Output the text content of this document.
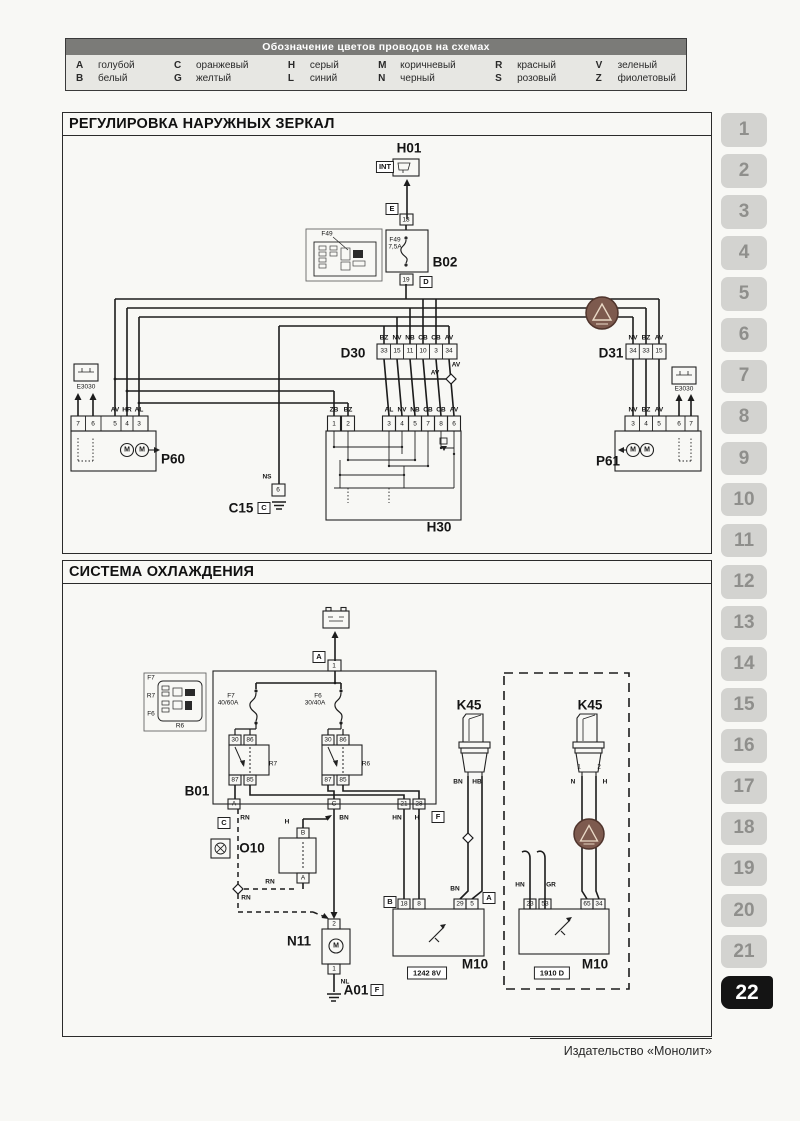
Обозначение цветов проводов на схемах
A	голубой
B	белый
C	оранжевый
G	желтый
H	серый
L	синий
M	коричневый
N	черный
R	красный
S	розовый
V	зеленый
Z	фиолетовый
1
2
3
4
5
6
7
8
9
10
11
12
13
14
15
16
17
18
19
20
21
22
РЕГУЛИРОВКА НАРУЖНЫХ ЗЕРКАЛ
H01
INT
E
18
F49
7,5A
B02
F49
19	D
D30
BZ NV NB CB CB AV
33 15 11 10 3 34	D31
NV BZ AV
34 33 15
AV
AV
E3030	E3030
AV HR AL
7 6	5 4 3
P60
M M
ZB BZ	AL NV NB CB CB AV
1 2	3 4 5 7 8 6
H30
NV BZ AV
3 4 5	6 7
P61
M M
NS
6
C15	C
СИСТЕМА ОХЛАЖДЕНИЯ
A
1
F7
R7
F6
R6
F7
40/60A
F6
30/40A
30 86
87 85
R7
30 86
87 85
R6
B01
A	C	21 28
C
F
RN	BN	HN H
H
O10
B
A
RN
RN
K45	K45
BN HB
1	2
N	H
BN
HN	GR
B	A
18 8	29 5	23 53	65 34
M10	M10
1242 8V	1910 D
N11	M
2
1
NL
A01 F
Издательство «Монолит»
